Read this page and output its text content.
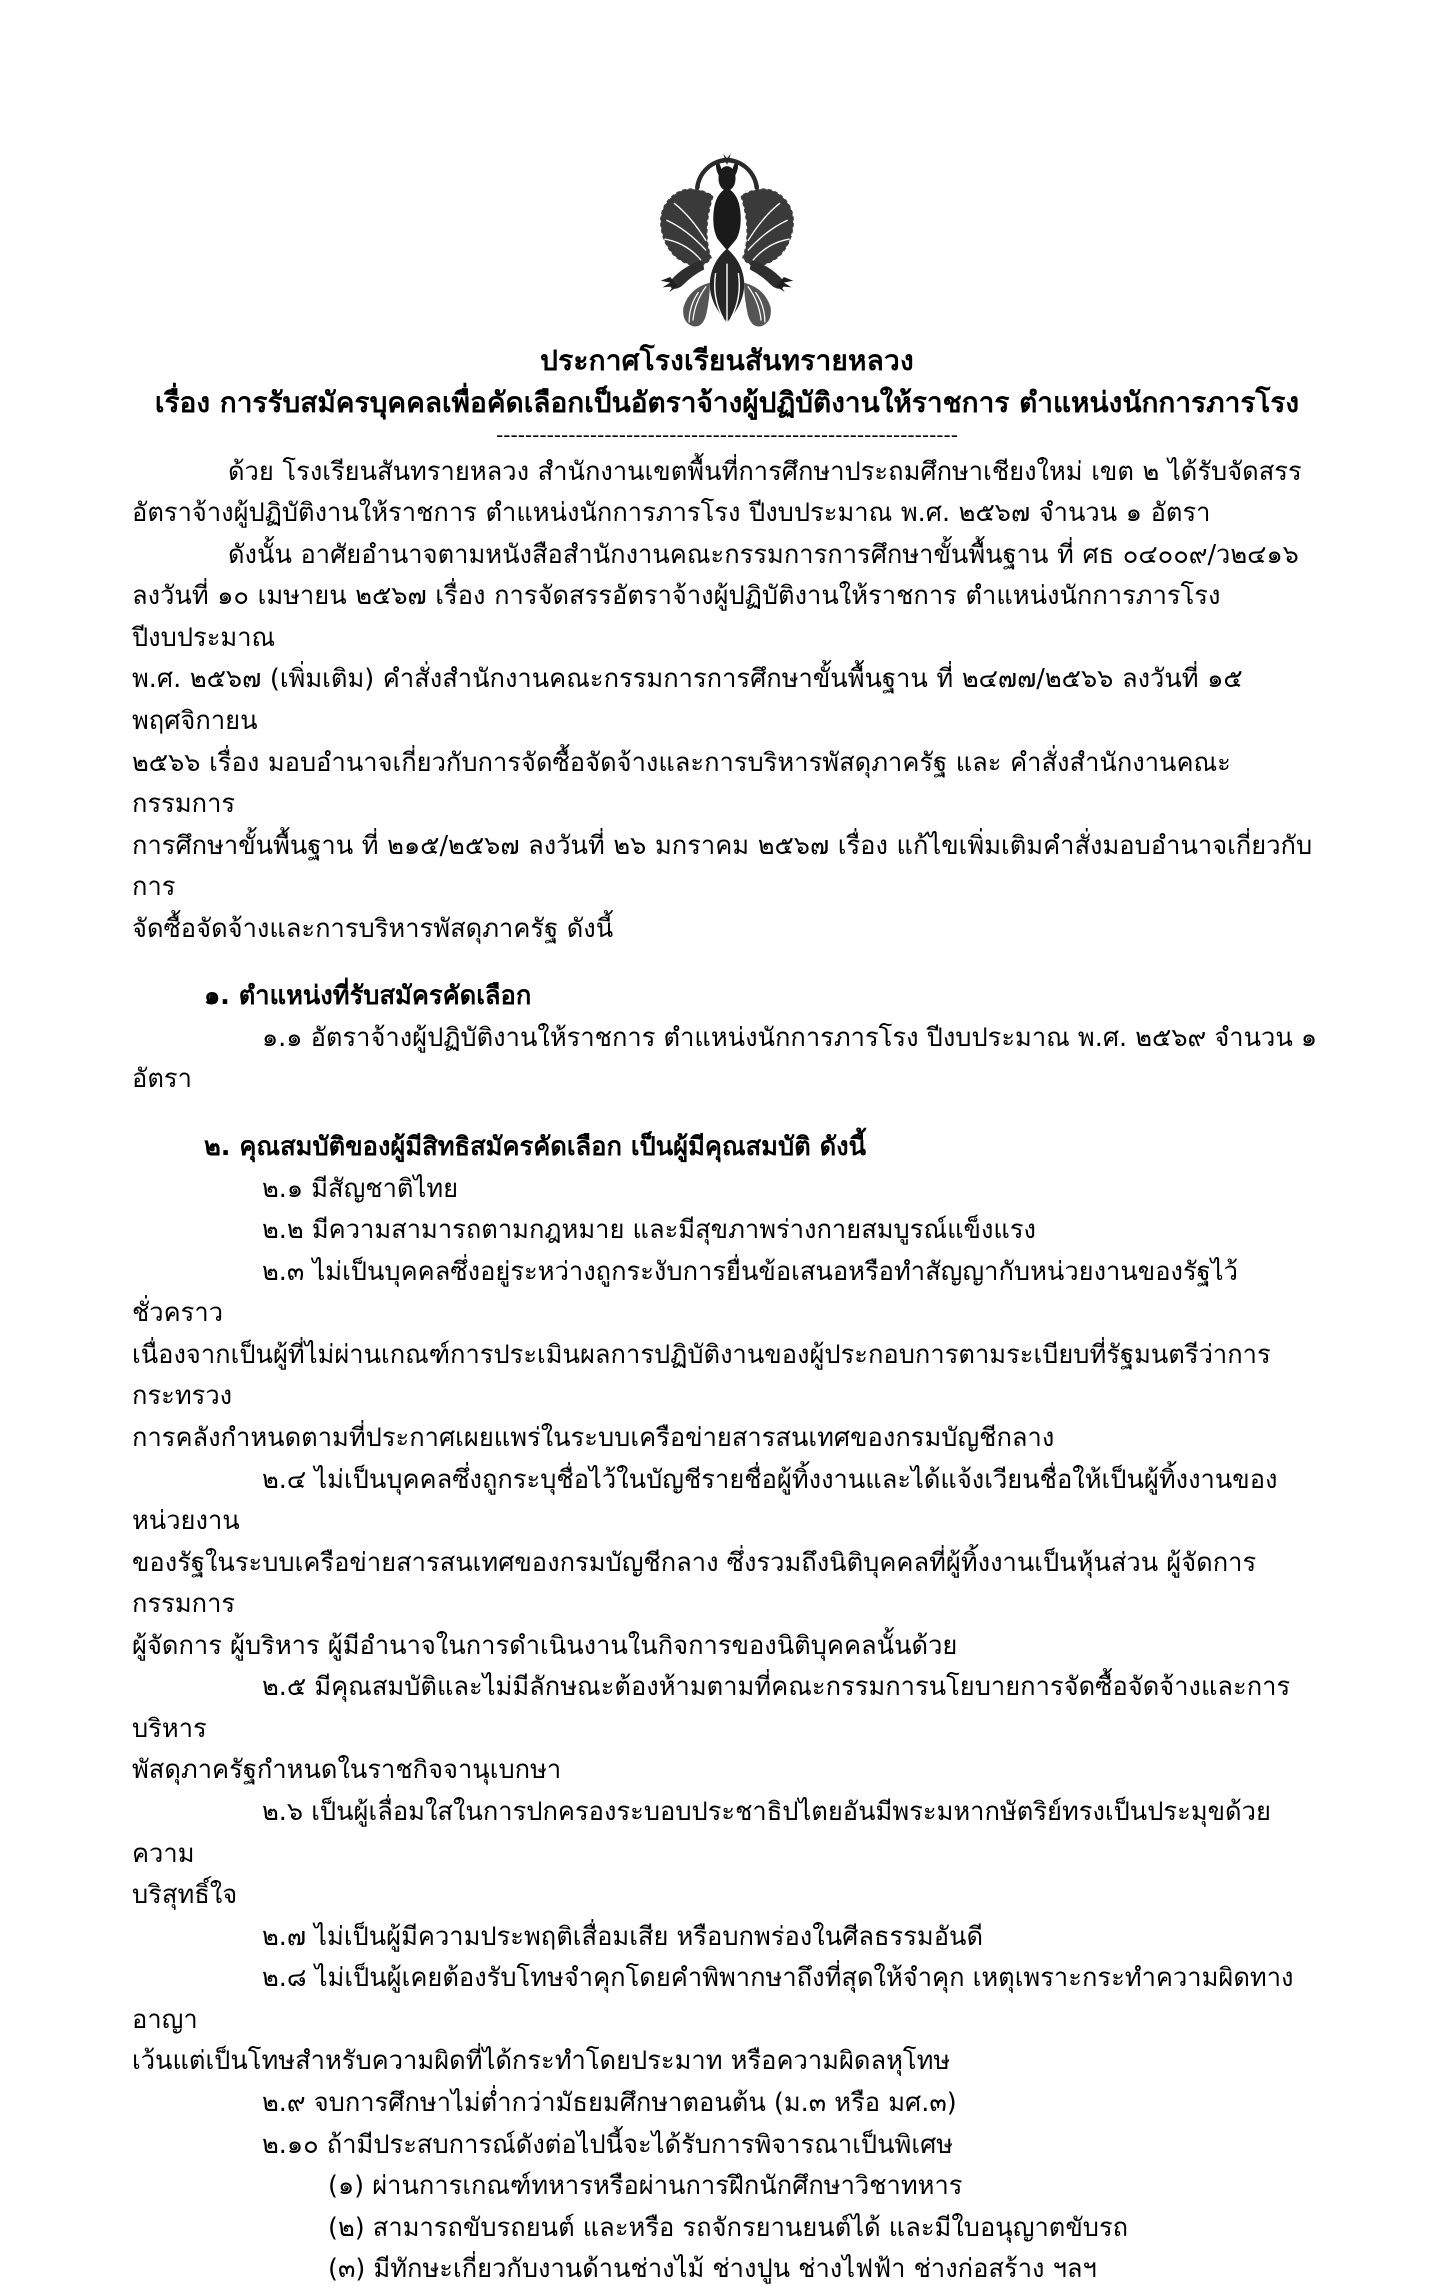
ประกาศโรงเรียนสันทรายหลวง
เรื่อง การรับสมัครบุคคลเพื่อคัดเลือกเป็นอัตราจ้างผู้ปฏิบัติงานให้ราชการ ตำแหน่งนักการภารโรง
----------------------------------------------------------------

ด้วย โรงเรียนสันทรายหลวง สำนักงานเขตพื้นที่การศึกษาประถมศึกษาเชียงใหม่ เขต ๒ ได้รับจัดสรร

อัตราจ้างผู้ปฏิบัติงานให้ราชการ ตำแหน่งนักการภารโรง ปีงบประมาณ พ.ศ. ๒๕๖๗ จำนวน ๑ อัตรา

ดังนั้น อาศัยอำนาจตามหนังสือสำนักงานคณะกรรมการการศึกษาขั้นพื้นฐาน ที่ ศธ ๐๔๐๐๙/ว๒๔๑๖

ลงวันที่ ๑๐ เมษายน ๒๕๖๗ เรื่อง การจัดสรรอัตราจ้างผู้ปฏิบัติงานให้ราชการ ตำแหน่งนักการภารโรง ปีงบประมาณ

พ.ศ. ๒๕๖๗ (เพิ่มเติม) คำสั่งสำนักงานคณะกรรมการการศึกษาขั้นพื้นฐาน ที่ ๒๔๗๗/๒๕๖๖ ลงวันที่ ๑๕ พฤศจิกายน

๒๕๖๖ เรื่อง มอบอำนาจเกี่ยวกับการจัดซื้อจัดจ้างและการบริหารพัสดุภาครัฐ และ คำสั่งสำนักงานคณะกรรมการ

การศึกษาขั้นพื้นฐาน ที่ ๒๑๕/๒๕๖๗ ลงวันที่ ๒๖ มกราคม ๒๕๖๗ เรื่อง แก้ไขเพิ่มเติมคำสั่งมอบอำนาจเกี่ยวกับการ

จัดซื้อจัดจ้างและการบริหารพัสดุภาครัฐ ดังนี้

๑. ตำแหน่งที่รับสมัครคัดเลือก

๑.๑ อัตราจ้างผู้ปฏิบัติงานให้ราชการ ตำแหน่งนักการภารโรง ปีงบประมาณ พ.ศ. ๒๕๖๙ จำนวน ๑ อัตรา

๒. คุณสมบัติของผู้มีสิทธิสมัครคัดเลือก เป็นผู้มีคุณสมบัติ ดังนี้

๒.๑ มีสัญชาติไทย

๒.๒ มีความสามารถตามกฎหมาย และมีสุขภาพร่างกายสมบูรณ์แข็งแรง

๒.๓ ไม่เป็นบุคคลซึ่งอยู่ระหว่างถูกระงับการยื่นข้อเสนอหรือทำสัญญากับหน่วยงานของรัฐไว้ชั่วคราว

เนื่องจากเป็นผู้ที่ไม่ผ่านเกณฑ์การประเมินผลการปฏิบัติงานของผู้ประกอบการตามระเบียบที่รัฐมนตรีว่าการกระทรวง

การคลังกำหนดตามที่ประกาศเผยแพร่ในระบบเครือข่ายสารสนเทศของกรมบัญชีกลาง

๒.๔ ไม่เป็นบุคคลซึ่งถูกระบุชื่อไว้ในบัญชีรายชื่อผู้ทิ้งงานและได้แจ้งเวียนชื่อให้เป็นผู้ทิ้งงานของหน่วยงาน

ของรัฐในระบบเครือข่ายสารสนเทศของกรมบัญชีกลาง ซึ่งรวมถึงนิติบุคคลที่ผู้ทิ้งงานเป็นหุ้นส่วน ผู้จัดการ กรรมการ

ผู้จัดการ ผู้บริหาร ผู้มีอำนาจในการดำเนินงานในกิจการของนิติบุคคลนั้นด้วย

๒.๕ มีคุณสมบัติและไม่มีลักษณะต้องห้ามตามที่คณะกรรมการนโยบายการจัดซื้อจัดจ้างและการบริหาร

พัสดุภาครัฐกำหนดในราชกิจจานุเบกษา

๒.๖ เป็นผู้เลื่อมใสในการปกครองระบอบประชาธิปไตยอันมีพระมหากษัตริย์ทรงเป็นประมุขด้วยความ

บริสุทธิ์ใจ

๒.๗ ไม่เป็นผู้มีความประพฤติเสื่อมเสีย หรือบกพร่องในศีลธรรมอันดี

๒.๘ ไม่เป็นผู้เคยต้องรับโทษจำคุกโดยคำพิพากษาถึงที่สุดให้จำคุก เหตุเพราะกระทำความผิดทางอาญา

เว้นแต่เป็นโทษสำหรับความผิดที่ได้กระทำโดยประมาท หรือความผิดลหุโทษ

๒.๙ จบการศึกษาไม่ต่ำกว่ามัธยมศึกษาตอนต้น (ม.๓ หรือ มศ.๓)

๒.๑๐ ถ้ามีประสบการณ์ดังต่อไปนี้จะได้รับการพิจารณาเป็นพิเศษ

(๑) ผ่านการเกณฑ์ทหารหรือผ่านการฝึกนักศึกษาวิชาทหาร

(๒) สามารถขับรถยนต์ และหรือ รถจักรยานยนต์ได้ และมีใบอนุญาตขับรถ

(๓) มีทักษะเกี่ยวกับงานด้านช่างไม้ ช่างปูน ช่างไฟฟ้า ช่างก่อสร้าง ฯลฯ
